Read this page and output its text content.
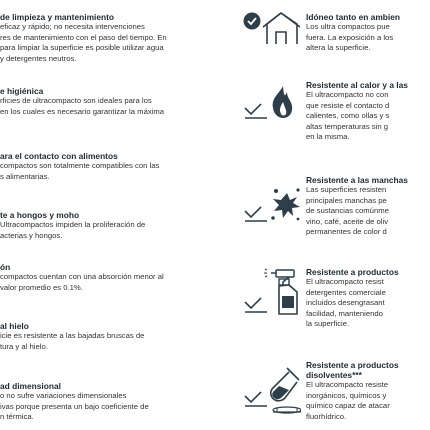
de limpieza y mantenimiento
eficaz y rápido; no necesita intervenciones
res de mantenimiento con el paso del tiempo. En
para limpiar la superficie es posible utilizar agua
y detergentes neutros.
e higiénica
rficies de ultracompacto son ideales para los
en los cuales es necesario garantizar la máxima
ara el contacto con alimentos
compactos son totalmente compatibles con las
s alimentarias.
te a hongos y moho
Ultracompactos impiden la proliferación de
acterias y hongos.
ón
compactos cuentan con una absorción menor al
valor promedio es 0.1%.
al hielo
icie es resistente a las bajadas bruscas de
tura y al hielo.
ad dimensional
o no sufre variaciones dimensionales
ivas porque presenta un bajo coeficiente de
n térmica.
Idóneo tanto en ambien
Los ultra compactos pue
fuera. La exposición a los
altera la superficie.
Resistente al calor y a las
El ultracompacto no con
que resiste el contacto d
calientes, como ollas y s
altas temperaturas sin g
en la misma.
Resistente a las manchas
Las superficies resisten
principales manchas pe
de sustancias comúnme
vino, café, aceite de oliv
permanentes de color d
Resistente a productos
El ultracompacto resist
detergentes comerciale
incluidos desengrasant
facilidad, manteniendo
la superficie.
Resistente a productos
disolventes***
El ultracompacto resiste
inorgánicos, químicos y
químico capaz de atacar
fluorhídrico.
